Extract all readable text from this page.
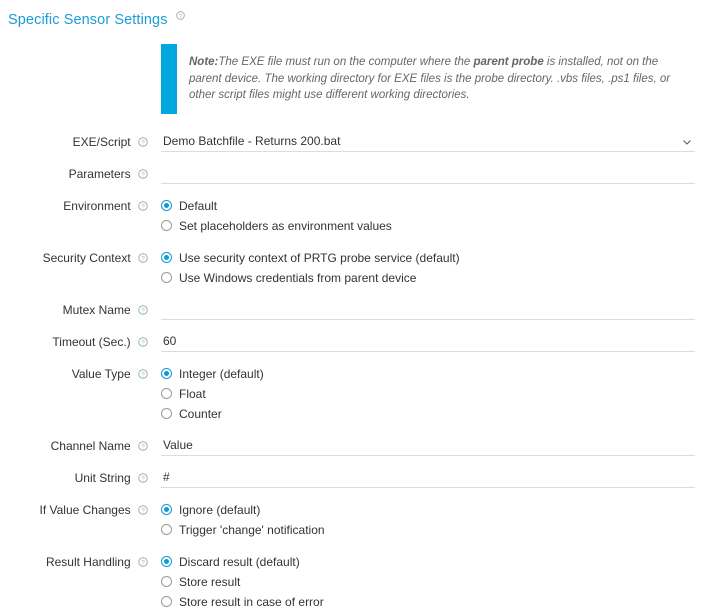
Specific Sensor Settings ?
Note:The EXE file must run on the computer where the parent probe is installed, not on the parent device. The working directory for EXE files is the probe directory. .vbs files, .ps1 files, or other script files might use different working directories.
EXE/Script ? Demo Batchfile - Returns 200.bat
Parameters ?
Environment ?	Default
Set placeholders as environment values
Security Context ?	Use security context of PRTG probe service (default)
Use Windows credentials from parent device
Mutex Name ?
Timeout (Sec.) ? 60
Value Type ?	Integer (default)
Float
Counter
Channel Name ? Value
Unit String ? #
If Value Changes ?	Ignore (default)
Trigger 'change' notification
Result Handling ?	Discard result (default)
Store result
Store result in case of error
